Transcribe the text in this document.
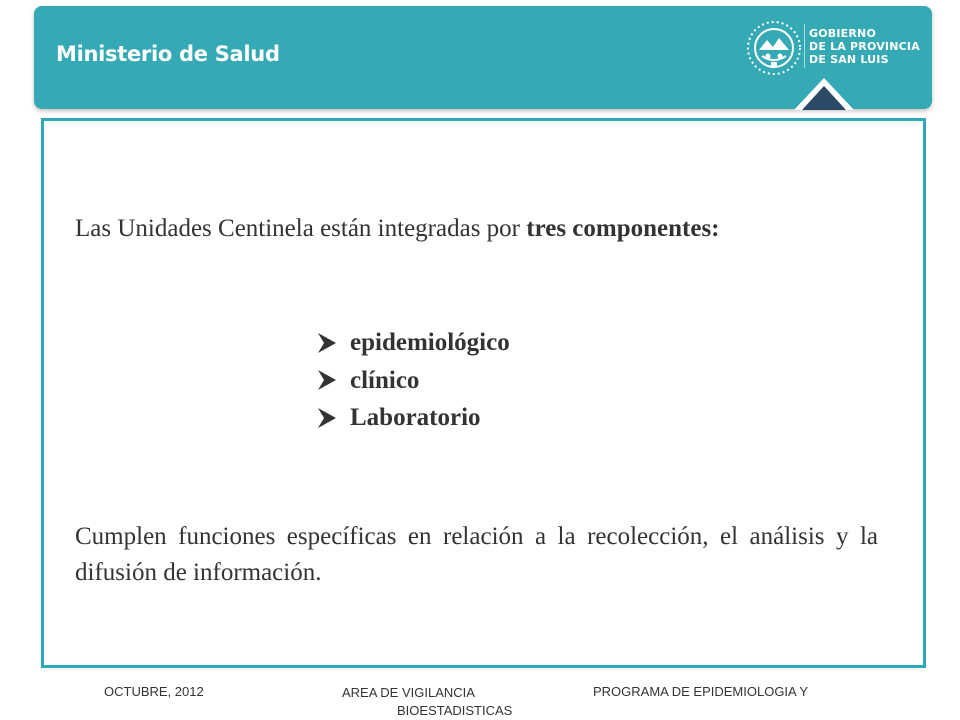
Ministerio de Salud
GOBIERNO
DE LA PROVINCIA
DE SAN LUIS
Las Unidades Centinela están integradas por tres componentes:
epidemiológico
clínico
Laboratorio
Cumplen funciones específicas en relación a la recolección, el análisis y la difusión de información.
OCTUBRE, 2012	AREA DE VIGILANCIA
BIOESTADISTICAS
PROGRAMA DE EPIDEMIOLOGIA Y
